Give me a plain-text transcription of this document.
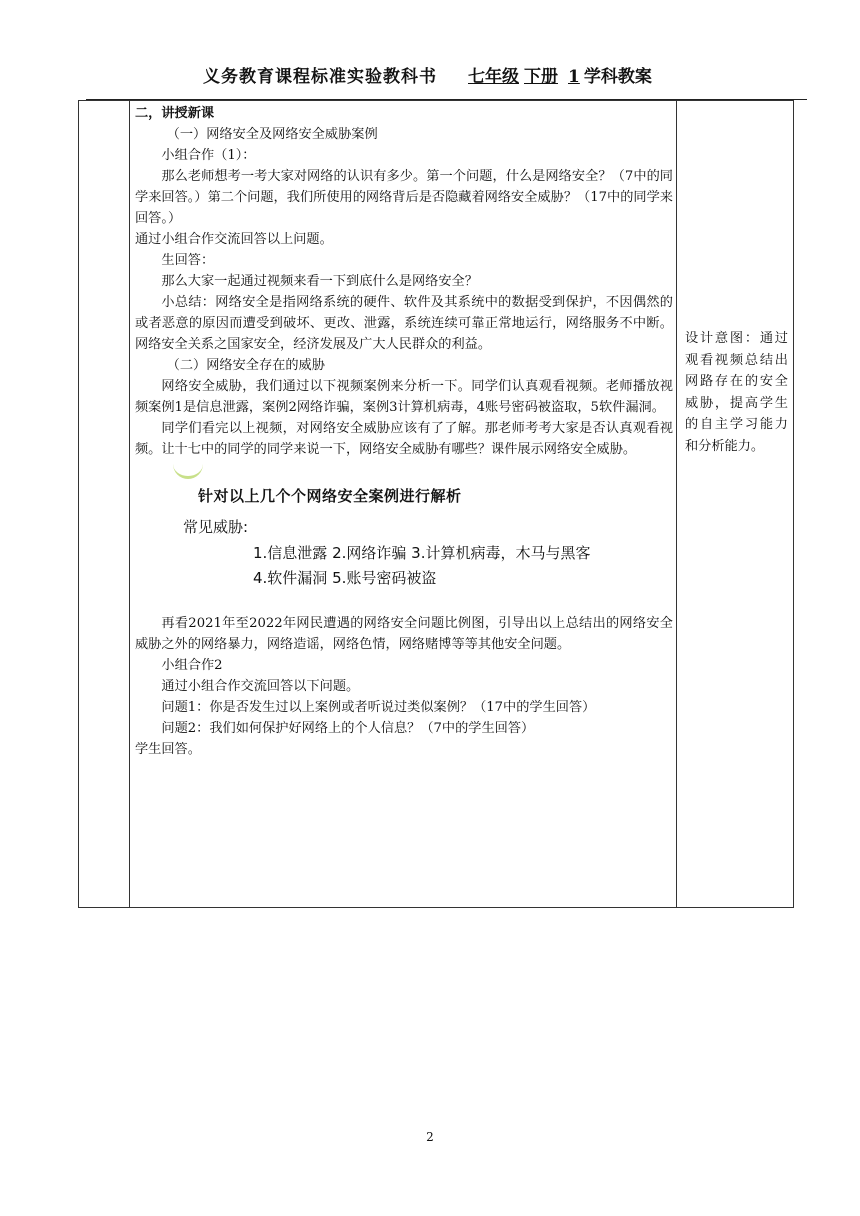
义务教育课程标准实验教科书 七年级 下册 1 学科教案

二，讲授新课

（一）网络安全及网络安全威胁案例

小组合作（1）：

那么老师想考一考大家对网络的认识有多少。第一个问题，什么是网络安全？（7中的同学来回答。）第二个问题，我们所使用的网络背后是否隐藏着网络安全威胁？（17中的同学来回答。）

通过小组合作交流回答以上问题。

生回答：

那么大家一起通过视频来看一下到底什么是网络安全？

小总结：网络安全是指网络系统的硬件、软件及其系统中的数据受到保护，不因偶然的或者恶意的原因而遭受到破坏、更改、泄露，系统连续可靠正常地运行，网络服务不中断。网络安全关系之国家安全，经济发展及广大人民群众的利益。

（二）网络安全存在的威胁

网络安全威胁，我们通过以下视频案例来分析一下。同学们认真观看视频。老师播放视频案例1是信息泄露，案例2网络诈骗，案例3计算机病毒，4账号密码被盗取，5软件漏洞。

同学们看完以上视频，对网络安全威胁应该有了了解。那老师考考大家是否认真观看视频。让十七中的同学的同学来说一下，网络安全威胁有哪些？课件展示网络安全威胁。

针对以上几个个网络安全案例进行解析
常见威胁:
1.信息泄露 2.网络诈骗 3.计算机病毒，木马与黑客
4.软件漏洞 5.账号密码被盗

再看2021年至2022年网民遭遇的网络安全问题比例图，引导出以上总结出的网络安全威胁之外的网络暴力，网络造谣，网络色情，网络赌博等等其他安全问题。

小组合作2

通过小组合作交流回答以下问题。

问题1：你是否发生过以上案例或者听说过类似案例？（17中的学生回答）

问题2：我们如何保护好网络上的个人信息？（7中的学生回答）

学生回答。

设计意图：通过观看视频总结出网路存在的安全威胁，提高学生的自主学习能力和分析能力。
2
